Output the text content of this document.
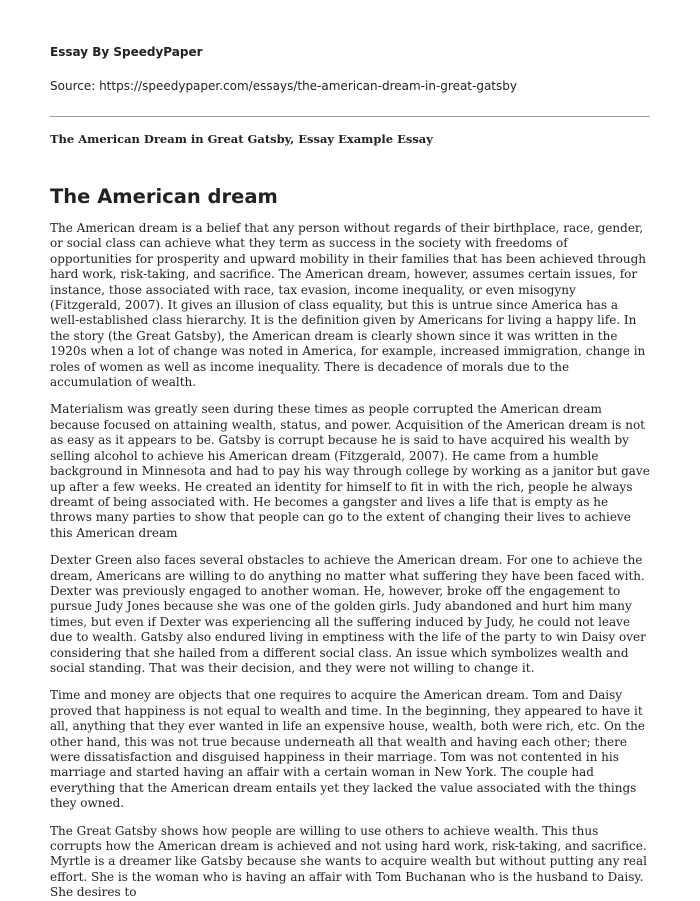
Essay By SpeedyPaper

Source: https://speedypaper.com/essays/the-american-dream-in-great-gatsby

The American Dream in Great Gatsby, Essay Example Essay

The American dream

The American dream is a belief that any person without regards of their birthplace, race, gender, or social class can achieve what they term as success in the society with freedoms of opportunities for prosperity and upward mobility in their families that has been achieved through hard work, risk-taking, and sacrifice. The American dream, however, assumes certain issues, for instance, those associated with race, tax evasion, income inequality, or even misogyny (Fitzgerald, 2007). It gives an illusion of class equality, but this is untrue since America has a well-established class hierarchy. It is the definition given by Americans for living a happy life. In the story (the Great Gatsby), the American dream is clearly shown since it was written in the 1920s when a lot of change was noted in America, for example, increased immigration, change in roles of women as well as income inequality. There is decadence of morals due to the accumulation of wealth.

Materialism was greatly seen during these times as people corrupted the American dream because focused on attaining wealth, status, and power. Acquisition of the American dream is not as easy as it appears to be. Gatsby is corrupt because he is said to have acquired his wealth by selling alcohol to achieve his American dream (Fitzgerald, 2007). He came from a humble background in Minnesota and had to pay his way through college by working as a janitor but gave up after a few weeks. He created an identity for himself to fit in with the rich, people he always dreamt of being associated with. He becomes a gangster and lives a life that is empty as he throws many parties to show that people can go to the extent of changing their lives to achieve this American dream

Dexter Green also faces several obstacles to achieve the American dream. For one to achieve the dream, Americans are willing to do anything no matter what suffering they have been faced with. Dexter was previously engaged to another woman. He, however, broke off the engagement to pursue Judy Jones because she was one of the golden girls. Judy abandoned and hurt him many times, but even if Dexter was experiencing all the suffering induced by Judy, he could not leave due to wealth. Gatsby also endured living in emptiness with the life of the party to win Daisy over considering that she hailed from a different social class. An issue which symbolizes wealth and social standing. That was their decision, and they were not willing to change it.

Time and money are objects that one requires to acquire the American dream. Tom and Daisy proved that happiness is not equal to wealth and time. In the beginning, they appeared to have it all, anything that they ever wanted in life an expensive house, wealth, both were rich, etc. On the other hand, this was not true because underneath all that wealth and having each other; there were dissatisfaction and disguised happiness in their marriage. Tom was not contented in his marriage and started having an affair with a certain woman in New York. The couple had everything that the American dream entails yet they lacked the value associated with the things they owned.

The Great Gatsby shows how people are willing to use others to achieve wealth. This thus corrupts how the American dream is achieved and not using hard work, risk-taking, and sacrifice. Myrtle is a dreamer like Gatsby because she wants to acquire wealth but without putting any real effort. She is the woman who is having an affair with Tom Buchanan who is the husband to Daisy. She desires to
